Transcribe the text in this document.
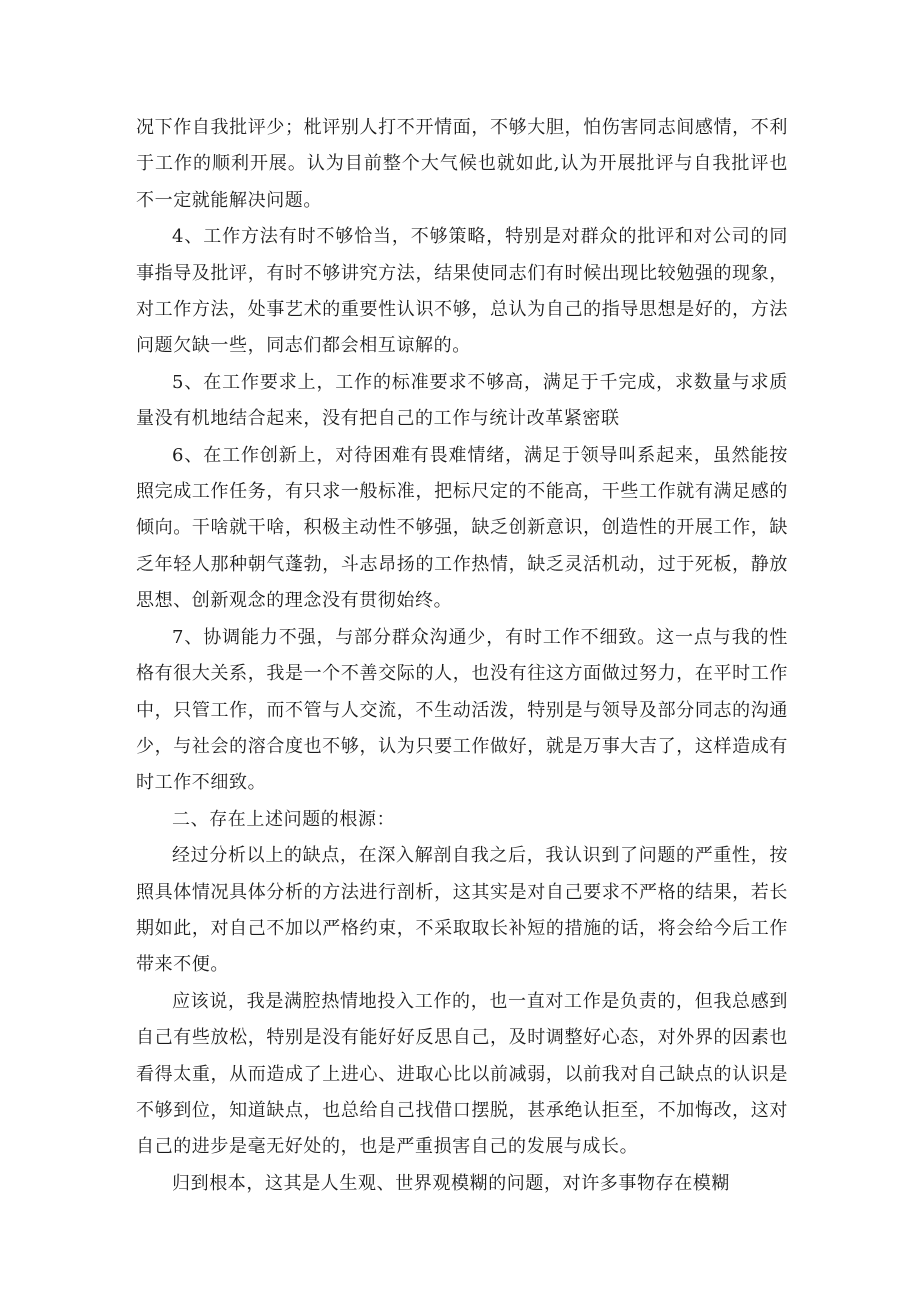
况下作自我批评少；枇评别人打不开情面，不够大胆，怕伤害同志间感情，不利于工作的顺利开展。认为目前整个大气候也就如此,认为开展批评与自我批评也不一定就能解决问题。

4、工作方法有时不够恰当，不够策略，特别是对群众的批评和对公司的同事指导及批评，有时不够讲究方法，结果使同志们有时候出现比较勉强的现象，对工作方法，处事艺术的重要性认识不够，总认为自己的指导思想是好的，方法问题欠缺一些，同志们都会相互谅解的。

5、在工作要求上，工作的标准要求不够高，满足于千完成，求数量与求质量没有机地结合起来，没有把自己的工作与统计改革紧密联

6、在工作创新上，对待困难有畏难情绪，满足于领导叫系起来，虽然能按照完成工作任务，有只求一般标准，把标尺定的不能高，干些工作就有满足感的倾向。干啥就干啥，积极主动性不够强，缺乏创新意识，创造性的开展工作，缺乏年轻人那种朝气蓬勃，斗志昂扬的工作热情，缺乏灵活机动，过于死板，静放思想、创新观念的理念没有贯彻始终。

7、协调能力不强，与部分群众沟通少，有时工作不细致。这一点与我的性格有很大关系，我是一个不善交际的人，也没有往这方面做过努力，在平时工作中，只管工作，而不管与人交流，不生动活泼，特别是与领导及部分同志的沟通少，与社会的溶合度也不够，认为只要工作做好，就是万事大吉了，这样造成有时工作不细致。

二、存在上述问题的根源：

经过分析以上的缺点，在深入解剖自我之后，我认识到了问题的严重性，按照具体情况具体分析的方法进行剖析，这其实是对自己要求不严格的结果，若长期如此，对自己不加以严格约束，不采取取长补短的措施的话，将会给今后工作带来不便。

应该说，我是满腔热情地投入工作的，也一直对工作是负责的，但我总感到自己有些放松，特别是没有能好好反思自己，及时调整好心态，对外界的因素也看得太重，从而造成了上进心、进取心比以前减弱，以前我对自己缺点的认识是不够到位，知道缺点，也总给自己找借口摆脱，甚承绝认拒至，不加悔改，这对自己的进步是毫无好处的，也是严重损害自己的发展与成长。

归到根本，这其是人生观、世界观模糊的问题，对许多事物存在模糊
